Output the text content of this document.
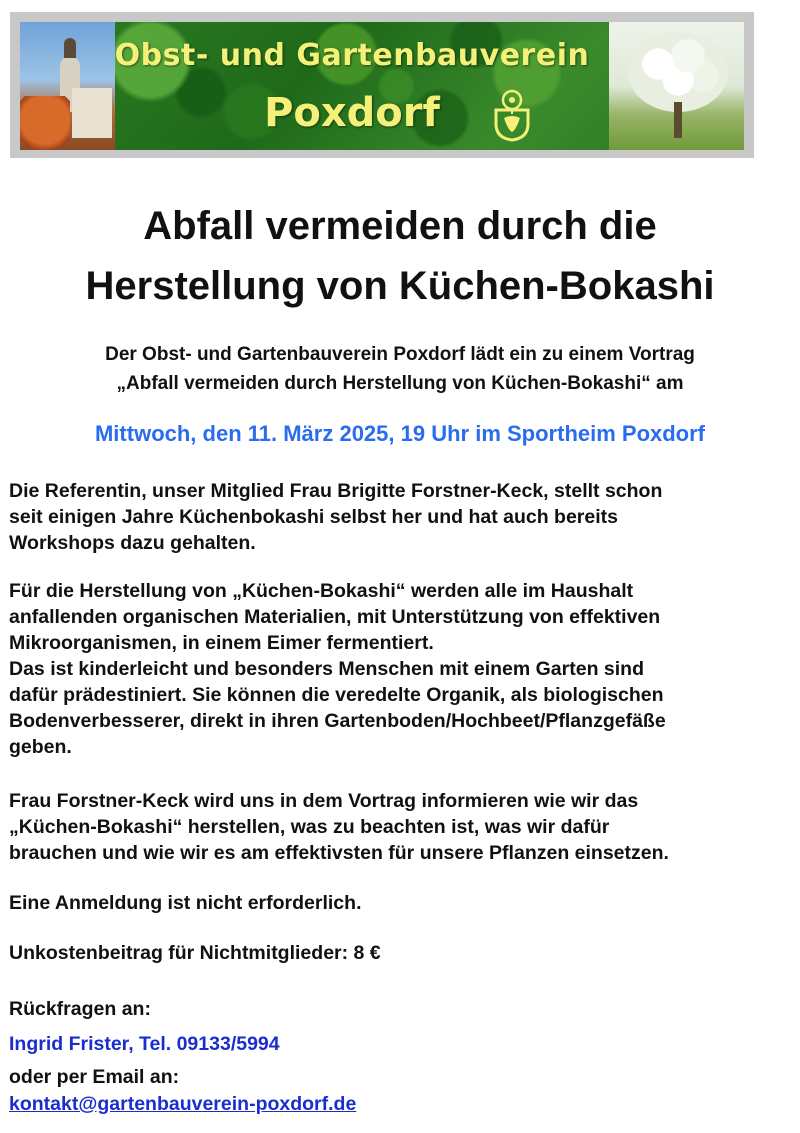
Obst- und Gartenbauverein
Poxdorf
Abfall vermeiden durch die
Herstellung von Küchen-Bokashi
Der Obst- und Gartenbauverein Poxdorf lädt ein zu einem Vortrag
„Abfall vermeiden durch Herstellung von Küchen-Bokashi“ am
Mittwoch, den 11. März 2025, 19 Uhr im Sportheim Poxdorf
Die Referentin, unser Mitglied Frau Brigitte Forstner-Keck, stellt schon
seit einigen Jahre Küchenbokashi selbst her und hat auch bereits
Workshops dazu gehalten.
Für die Herstellung von „Küchen-Bokashi“ werden alle im Haushalt
anfallenden organischen Materialien, mit Unterstützung von effektiven
Mikroorganismen, in einem Eimer fermentiert.
Das ist kinderleicht und besonders Menschen mit einem Garten sind
dafür prädestiniert. Sie können die veredelte Organik, als biologischen
Bodenverbesserer, direkt in ihren Gartenboden/Hochbeet/Pflanzgefäße
geben.
Frau Forstner-Keck wird uns in dem Vortrag informieren wie wir das
„Küchen-Bokashi“ herstellen, was zu beachten ist, was wir dafür
brauchen und wie wir es am effektivsten für unsere Pflanzen einsetzen.
Eine Anmeldung ist nicht erforderlich.
Unkostenbeitrag für Nichtmitglieder: 8 €
Rückfragen an:
Ingrid Frister, Tel. 09133/5994
oder per Email an:
kontakt@gartenbauverein-poxdorf.de
